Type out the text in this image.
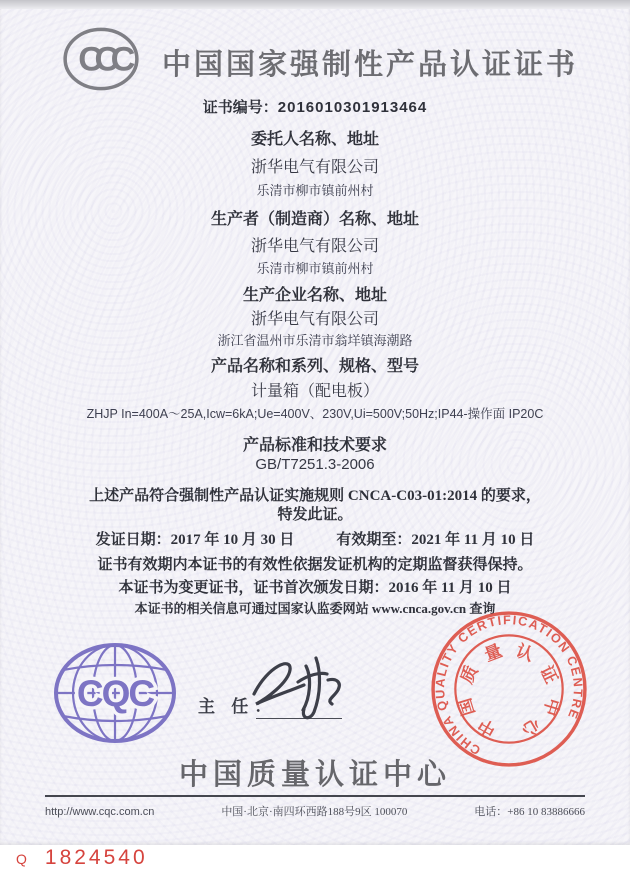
CCC	中国国家强制性产品认证证书
证书编号：2016010301913464
委托人名称、地址
浙华电气有限公司
乐清市柳市镇前州村
生产者（制造商）名称、地址
浙华电气有限公司
乐清市柳市镇前州村
生产企业名称、地址
浙华电气有限公司
浙江省温州市乐清市翁垟镇海潮路
产品名称和系列、规格、型号
计量箱（配电板）
ZHJP In=400A～25A,Icw=6kA;Ue=400V、230V,Ui=500V;50Hz;IP44-操作面 IP20C
产品标准和技术要求
GB/T7251.3-2006
上述产品符合强制性产品认证实施规则 CNCA-C03-01:2014 的要求，
特发此证。
发证日期：2017 年 10 月 30 日	有效期至：2021 年 11 月 10 日
证书有效期内本证书的有效性依据发证机构的定期监督获得保持。
本证书为变更证书，证书首次颁发日期：2016 年 11 月 10 日
本证书的相关信息可通过国家认监委网站 www.cnca.gov.cn 查询
CQC	主 任：
CHINA QUALITY CERTIFICATION CENTRE
中
国
质
量 认
证
中
心
中国质量认证中心
http://www.cqc.com.cn	中国·北京·南四环西路188号9区 100070	电话：+86 10 83886666
Q 1824540
